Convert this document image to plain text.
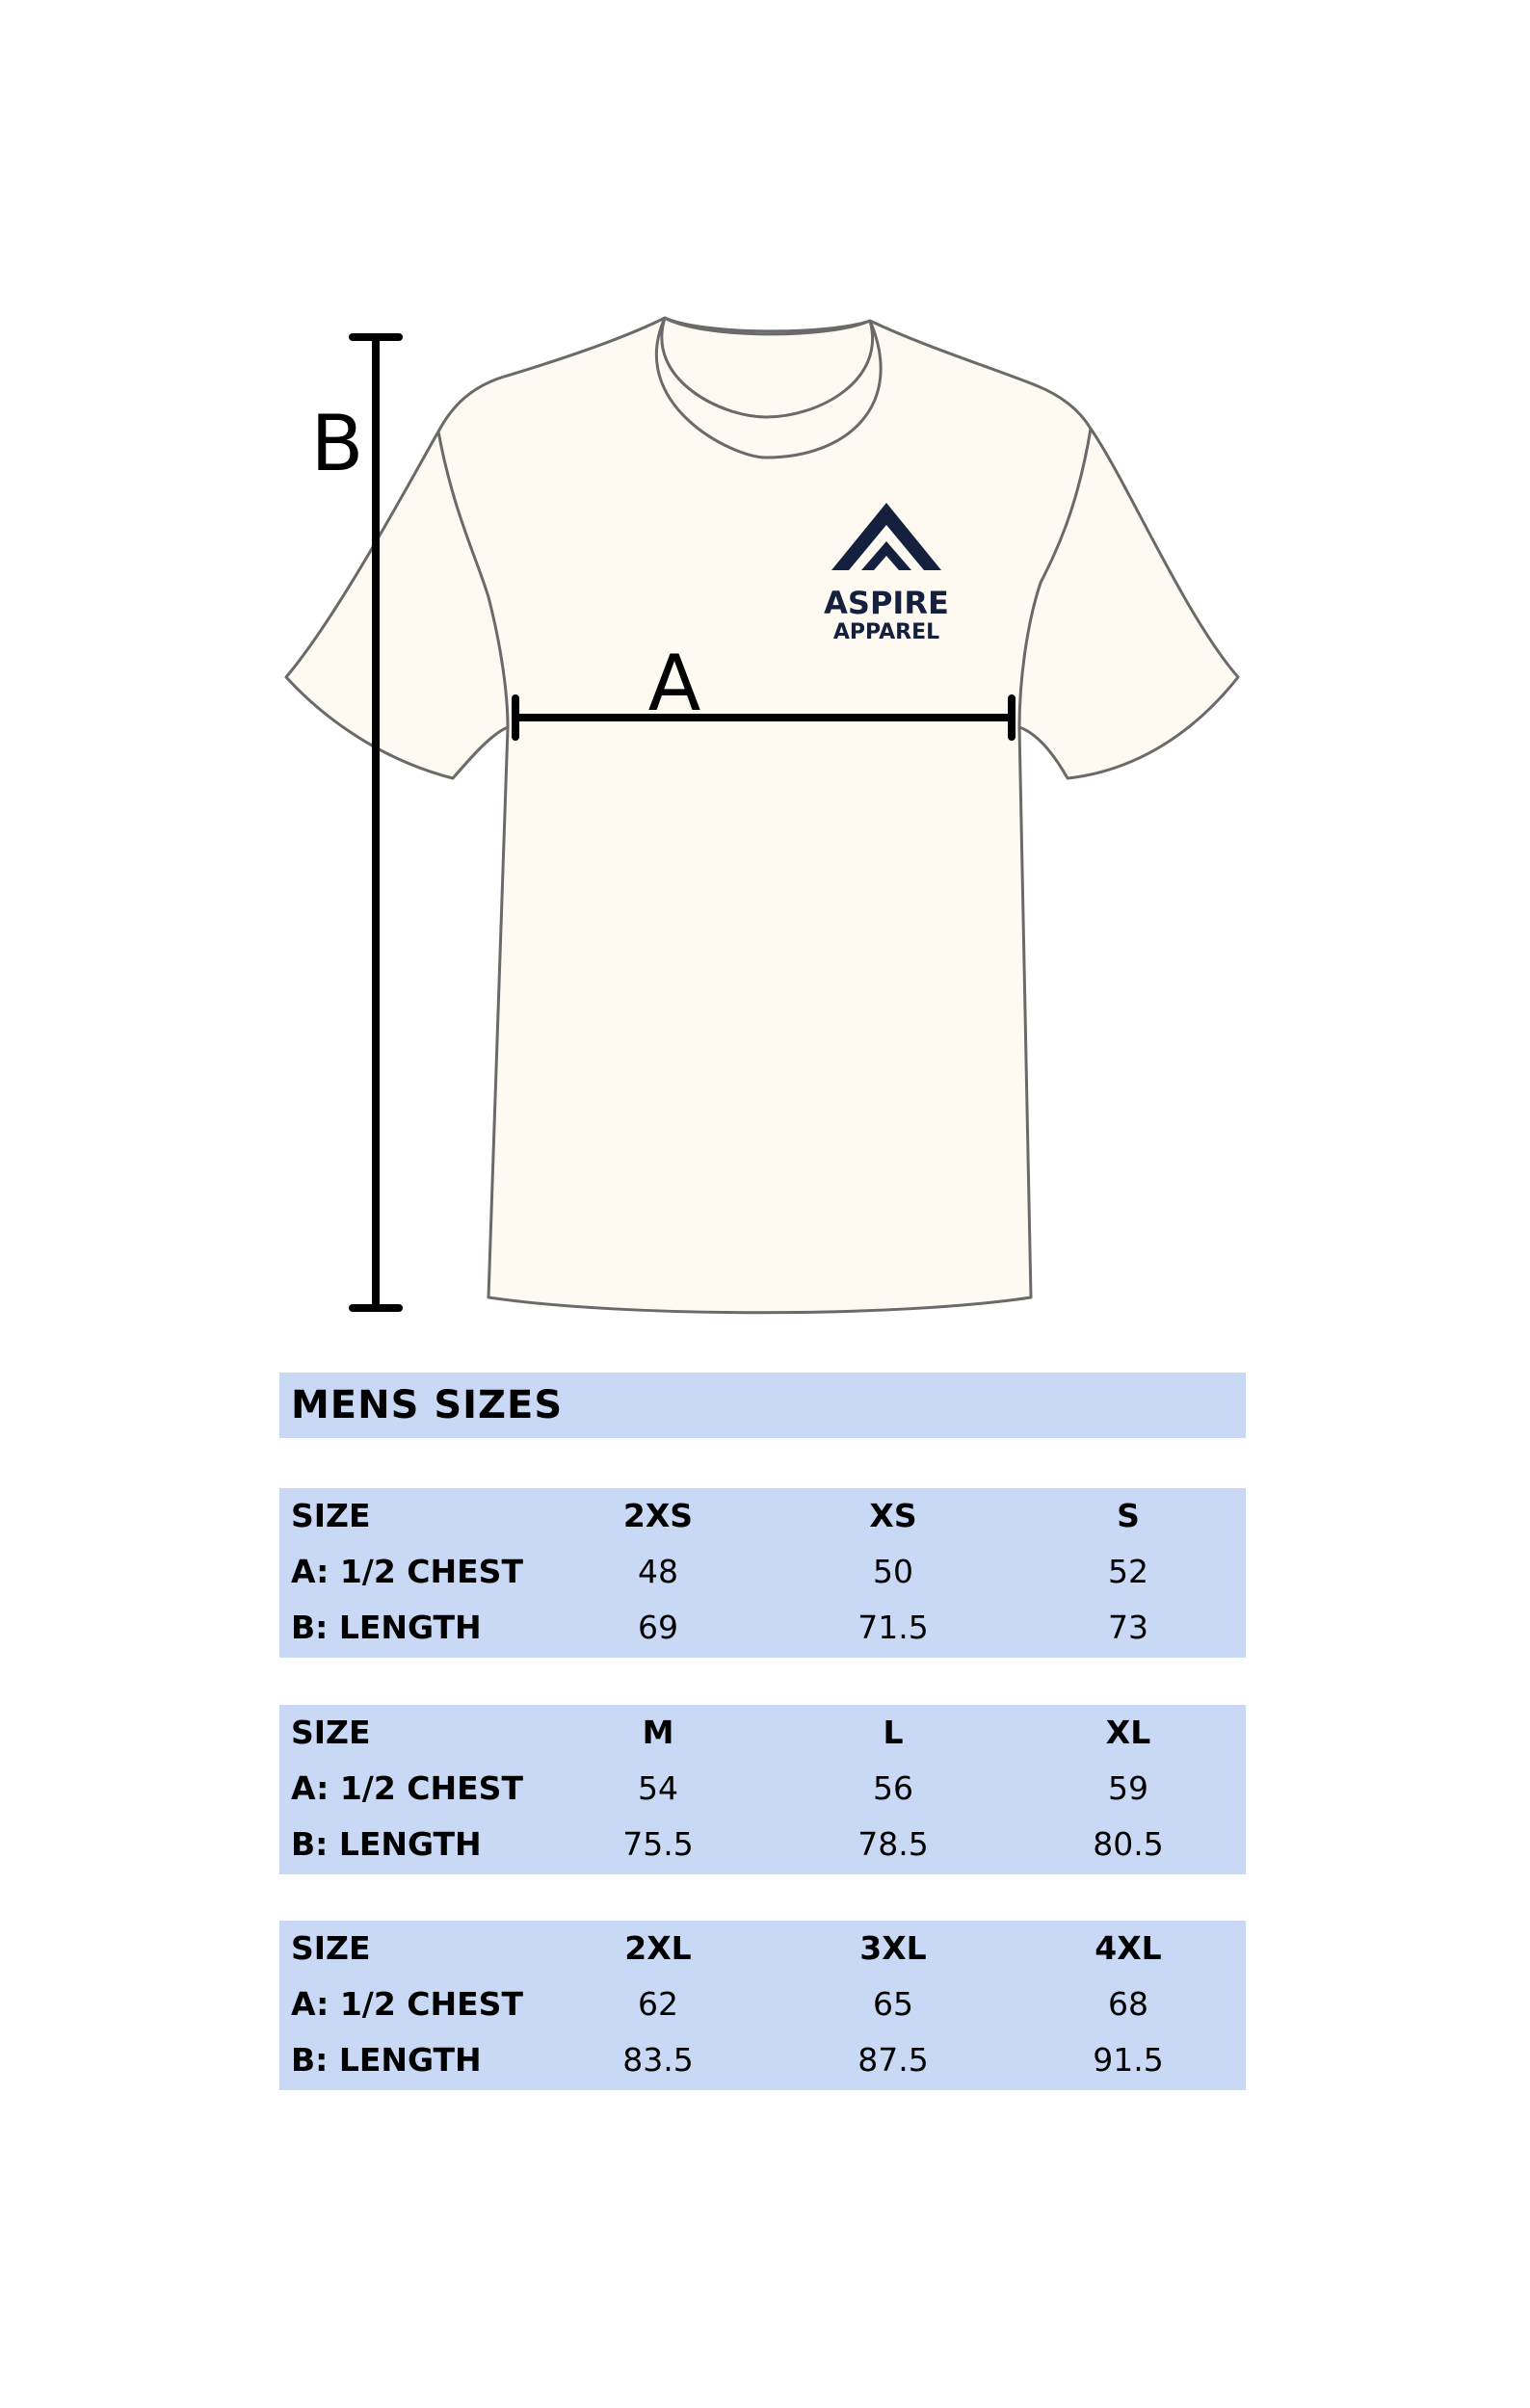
ASPIRE
APPAREL
B
A
MENS SIZES
SIZE	2XS	XS	S
A: 1/2 CHEST	48	50	52
B: LENGTH	69	71.5	73
SIZE	M	L	XL
A: 1/2 CHEST	54	56	59
B: LENGTH	75.5	78.5	80.5
SIZE	2XL	3XL	4XL
A: 1/2 CHEST	62	65	68
B: LENGTH	83.5	87.5	91.5
